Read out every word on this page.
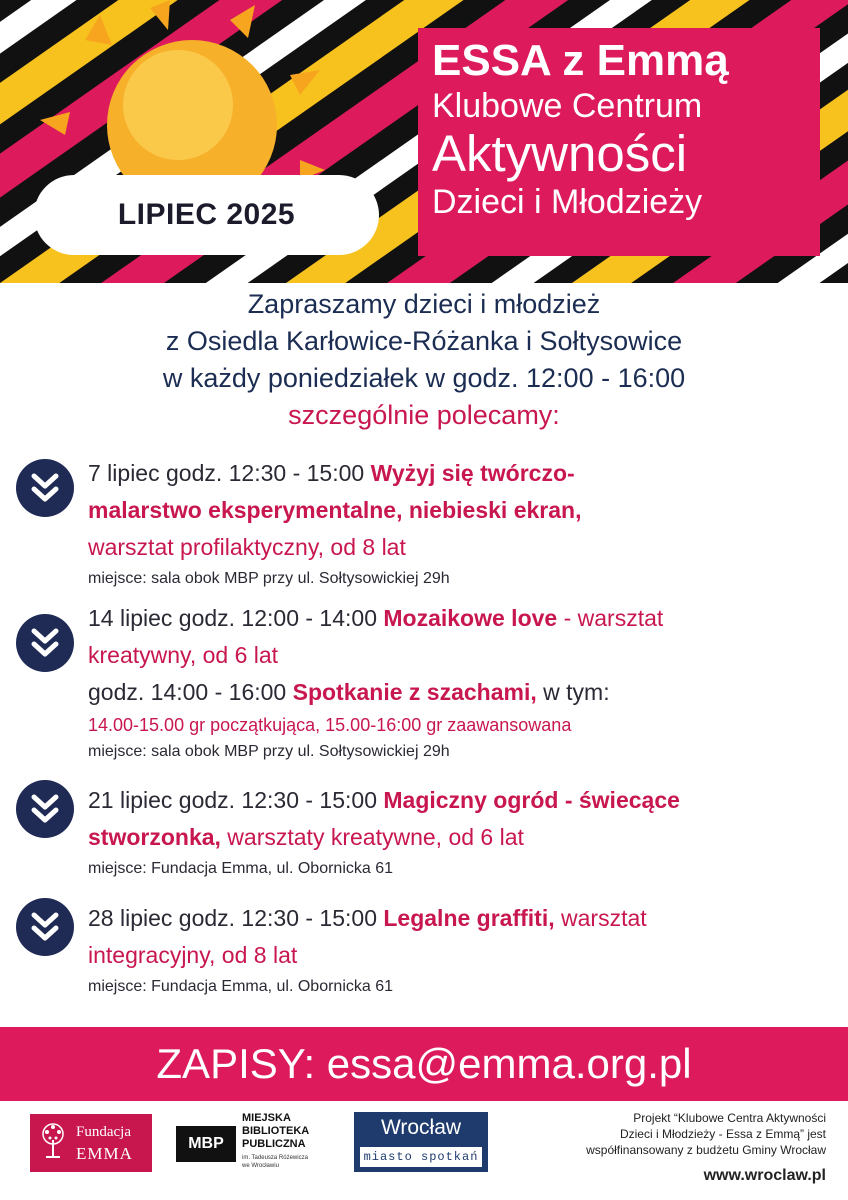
LIPIEC 2025
ESSA z Emmą
Klubowe Centrum
Aktywności
Dzieci i Młodzieży
Zapraszamy dzieci i młodzież
z Osiedla Karłowice-Różanka i Sołtysowice
w każdy poniedziałek w godz. 12:00 - 16:00
szczególnie polecamy:
7 lipiec godz. 12:30 - 15:00 Wyżyj się twórczo-
malarstwo eksperymentalne, niebieski ekran,
warsztat profilaktyczny, od 8 lat
miejsce: sala obok MBP przy ul. Sołtysowickiej 29h
14 lipiec godz. 12:00 - 14:00 Mozaikowe love - warsztat
kreatywny, od 6 lat
godz. 14:00 - 16:00 Spotkanie z szachami, w tym:
14.00-15.00 gr początkująca, 15.00-16:00 gr zaawansowana
miejsce: sala obok MBP przy ul. Sołtysowickiej 29h
21 lipiec godz. 12:30 - 15:00 Magiczny ogród - świecące
stworzonka, warsztaty kreatywne, od 6 lat
miejsce: Fundacja Emma, ul. Obornicka 61
28 lipiec godz. 12:30 - 15:00 Legalne graffiti, warsztat
integracyjny, od 8 lat
miejsce: Fundacja Emma, ul. Obornicka 61
ZAPISY: essa@emma.org.pl
Fundacja
EMMA
MBP
MIEJSKA
BIBLIOTEKA
PUBLICZNA
im. Tadeusza Różewicza
we Wrocławiu
Wrocław
miasto spotkań
Projekt “Klubowe Centra Aktywności
Dzieci i Młodzieży - Essa z Emmą” jest
współfinansowany z budżetu Gminy Wrocław
www.wroclaw.pl
